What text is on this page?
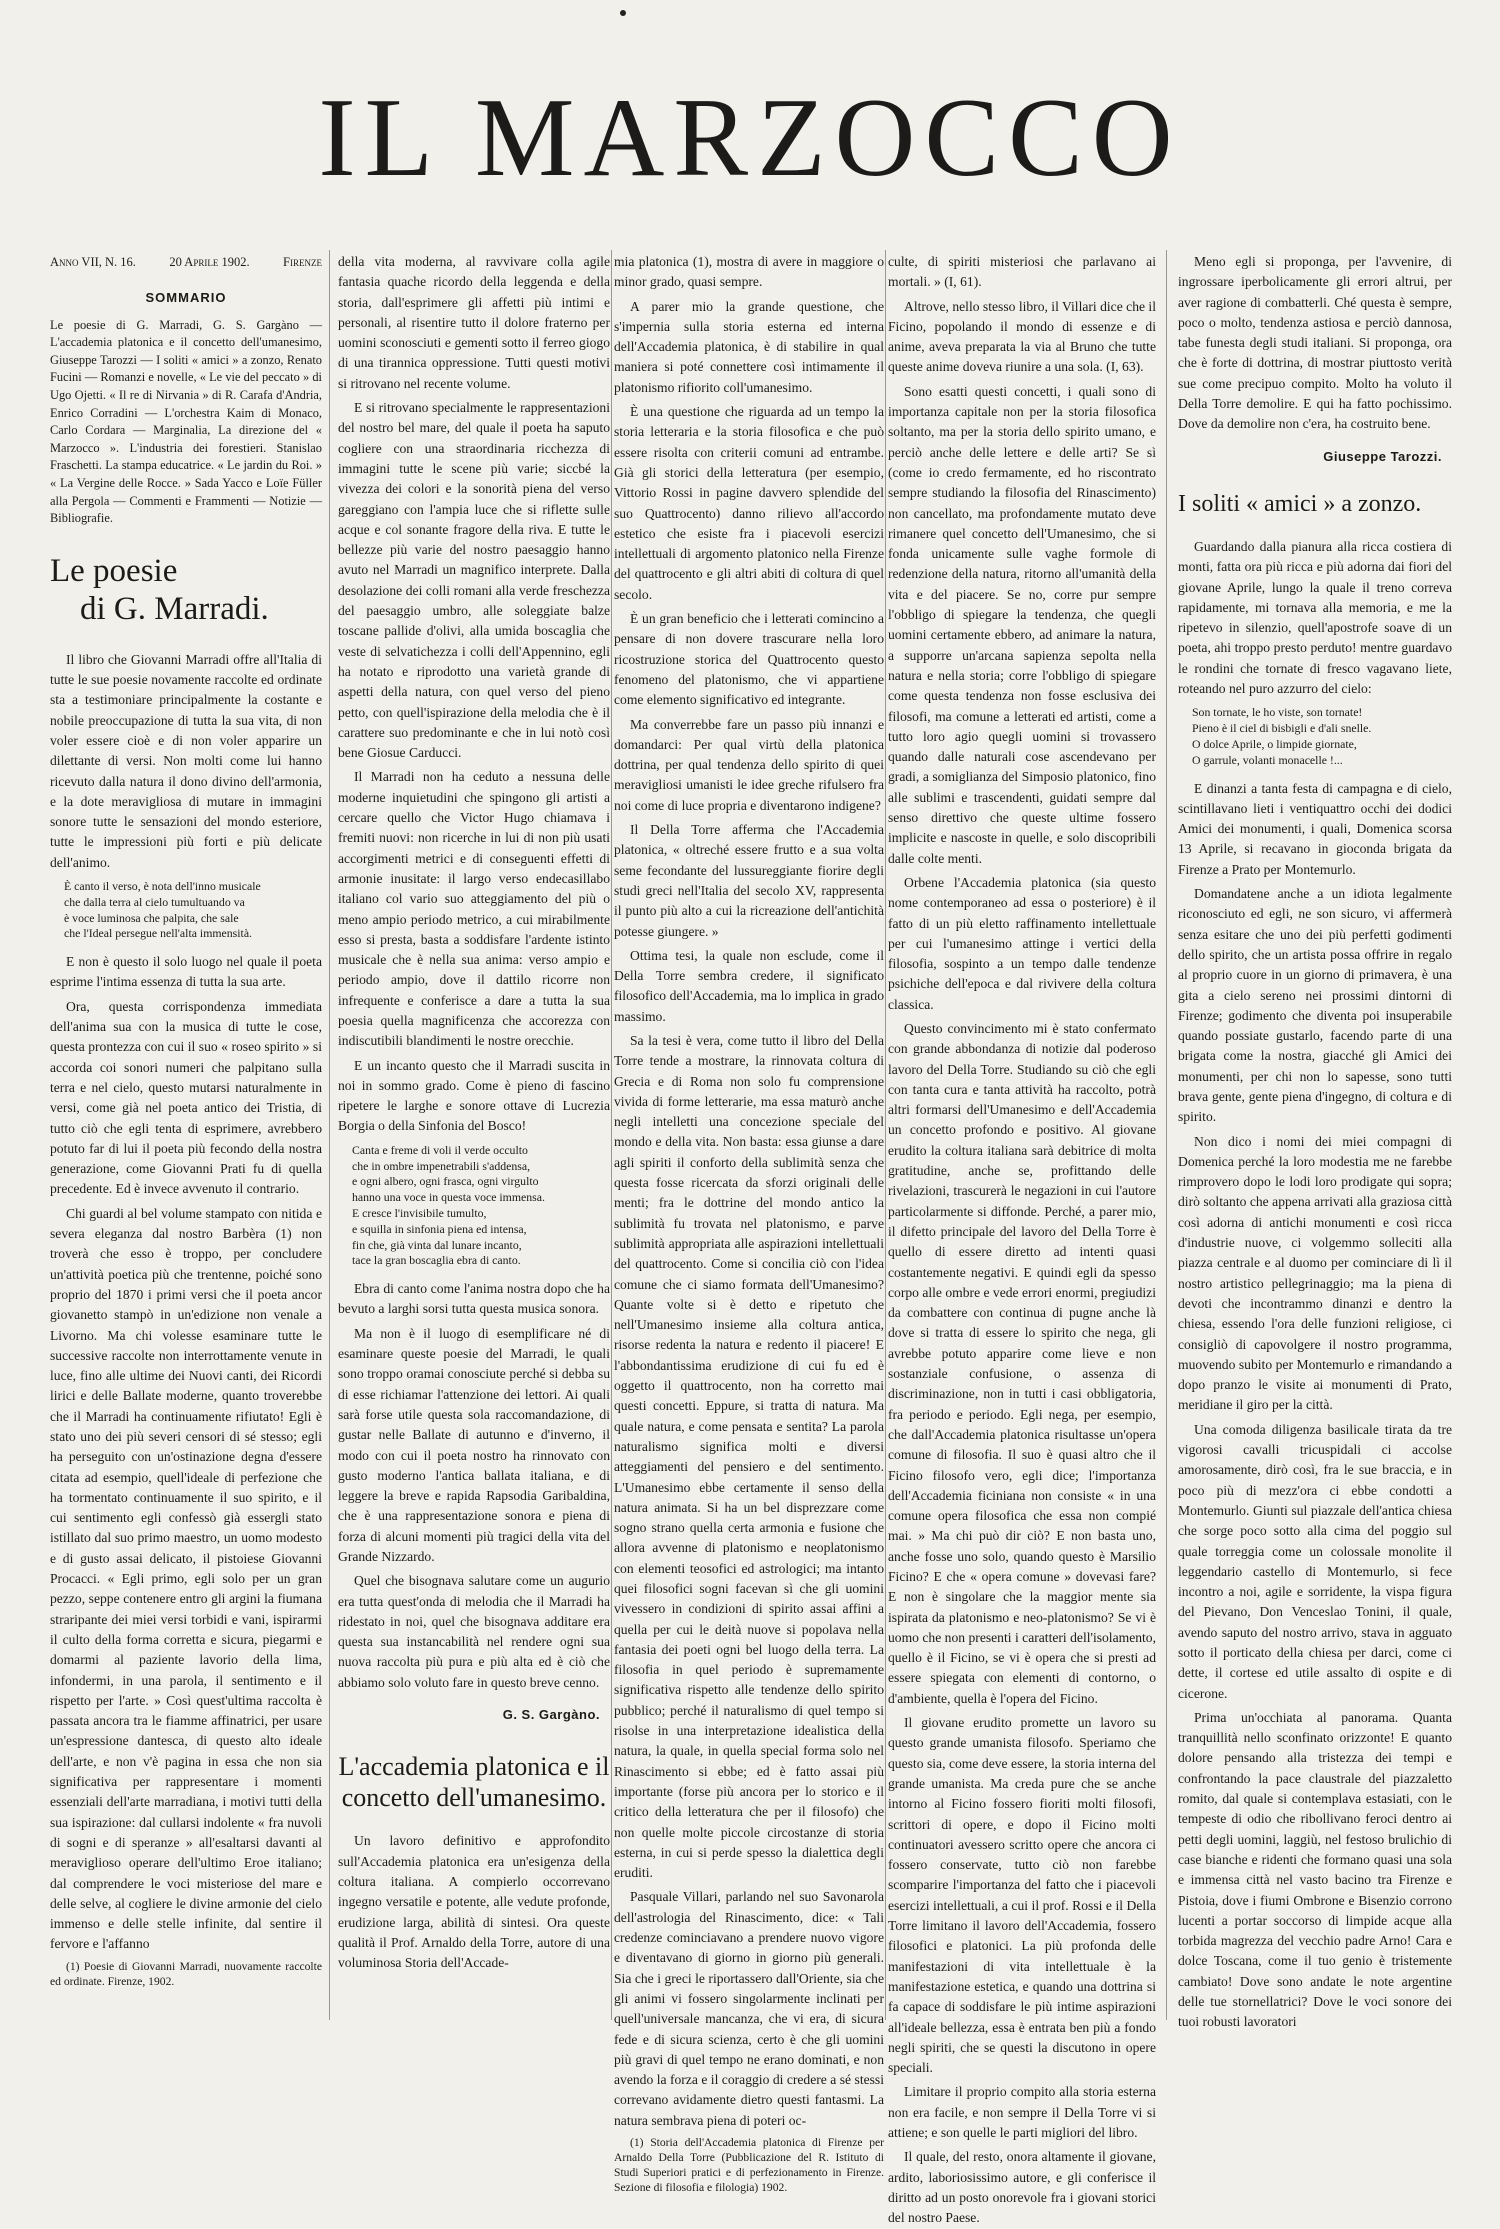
IL MARZOCCO
Anno VII, N. 16.	20 Aprile 1902.	Firenze
SOMMARIO

Le poesie di G. Marradi, G. S. Gargàno — L'accademia platonica e il concetto dell'umanesimo, Giuseppe Tarozzi — I soliti « amici » a zonzo, Renato Fucini — Romanzi e novelle, « Le vie del peccato » di Ugo Ojetti. « Il re di Nirvania » di R. Carafa d'Andria, Enrico Corradini — L'orchestra Kaim di Monaco, Carlo Cordara — Marginalia, La direzione del « Marzocco ». L'industria dei forestieri. Stanislao Fraschetti. La stampa educatrice. « Le jardin du Roi. » « La Vergine delle Rocce. » Sada Yacco e Loïe Füller alla Pergola — Commenti e Frammenti — Notizie — Bibliografie.

Le poesie
di G. Marradi.

Il libro che Giovanni Marradi offre all'Italia di tutte le sue poesie novamente raccolte ed ordinate sta a testimoniare principalmente la costante e nobile preoccupazione di tutta la sua vita, di non voler essere cioè e di non voler apparire un dilettante di versi. Non molti come lui hanno ricevuto dalla natura il dono divino dell'armonia, e la dote meravigliosa di mutare in immagini sonore tutte le sensazioni del mondo esteriore, tutte le impressioni più forti e più delicate dell'animo.

È canto il verso, è nota dell'inno musicale
che dalla terra al cielo tumultuando va
è voce luminosa che palpita, che sale
che l'Ideal persegue nell'alta immensità.

E non è questo il solo luogo nel quale il poeta esprime l'intima essenza di tutta la sua arte.

Ora, questa corrispondenza immediata dell'anima sua con la musica di tutte le cose, questa prontezza con cui il suo « roseo spirito » si accorda coi sonori numeri che palpitano sulla terra e nel cielo, questo mutarsi naturalmente in versi, come già nel poeta antico dei Tristia, di tutto ciò che egli tenta di esprimere, avrebbero potuto far di lui il poeta più fecondo della nostra generazione, come Giovanni Prati fu di quella precedente. Ed è invece avvenuto il contrario.

Chi guardi al bel volume stampato con nitida e severa eleganza dal nostro Barbèra (1) non troverà che esso è troppo, per concludere un'attività poetica più che trentenne, poiché sono proprio del 1870 i primi versi che il poeta ancor giovanetto stampò in un'edizione non venale a Livorno. Ma chi volesse esaminare tutte le successive raccolte non interrottamente venute in luce, fino alle ultime dei Nuovi canti, dei Ricordi lirici e delle Ballate moderne, quanto troverebbe che il Marradi ha continuamente rifiutato! Egli è stato uno dei più severi censori di sé stesso; egli ha perseguito con un'ostinazione degna d'essere citata ad esempio, quell'ideale di perfezione che ha tormentato continuamente il suo spirito, e il cui sentimento egli confessò già essergli stato istillato dal suo primo maestro, un uomo modesto e di gusto assai delicato, il pistoiese Giovanni Procacci. « Egli primo, egli solo per un gran pezzo, seppe contenere entro gli argini la fiumana straripante dei miei versi torbidi e vani, ispirarmi il culto della forma corretta e sicura, piegarmi e domarmi al paziente lavorio della lima, infondermi, in una parola, il sentimento e il rispetto per l'arte. » Così quest'ultima raccolta è passata ancora tra le fiamme affinatrici, per usare un'espressione dantesca, di questo alto ideale dell'arte, e non v'è pagina in essa che non sia significativa per rappresentare i momenti essenziali dell'arte marradiana, i motivi tutti della sua ispirazione: dal cullarsi indolente « fra nuvoli di sogni e di speranze » all'esaltarsi davanti al meraviglioso operare dell'ultimo Eroe italiano; dal comprendere le voci misteriose del mare e delle selve, al cogliere le divine armonie del cielo immenso e delle stelle infinite, dal sentire il fervore e l'affanno

(1) Poesie di Giovanni Marradi, nuovamente raccolte ed ordinate. Firenze, 1902.

della vita moderna, al ravvivare colla agile fantasia quache ricordo della leggenda e della storia, dall'esprimere gli affetti più intimi e personali, al risentire tutto il dolore fraterno per uomini sconosciuti e gementi sotto il ferreo giogo di una tirannica oppressione. Tutti questi motivi si ritrovano nel recente volume.

E si ritrovano specialmente le rappresentazioni del nostro bel mare, del quale il poeta ha saputo cogliere con una straordinaria ricchezza di immagini tutte le scene più varie; siccbé la vivezza dei colori e la sonorità piena del verso gareggiano con l'ampia luce che si riflette sulle acque e col sonante fragore della riva. E tutte le bellezze più varie del nostro paesaggio hanno avuto nel Marradi un magnifico interprete. Dalla desolazione dei colli romani alla verde freschezza del paesaggio umbro, alle soleggiate balze toscane pallide d'olivi, alla umida boscaglia che veste di selvatichezza i colli dell'Appennino, egli ha notato e riprodotto una varietà grande di aspetti della natura, con quel verso del pieno petto, con quell'ispirazione della melodia che è il carattere suo predominante e che in lui notò così bene Giosue Carducci.

Il Marradi non ha ceduto a nessuna delle moderne inquietudini che spingono gli artisti a cercare quello che Victor Hugo chiamava i fremiti nuovi: non ricerche in lui di non più usati accorgimenti metrici e di conseguenti effetti di armonie inusitate: il largo verso endecasillabo italiano col vario suo atteggiamento del più o meno ampio periodo metrico, a cui mirabilmente esso si presta, basta a soddisfare l'ardente istinto musicale che è nella sua anima: verso ampio e periodo ampio, dove il dattilo ricorre non infrequente e conferisce a dare a tutta la sua poesia quella magnificenza che accorezza con indiscutibili blandimenti le nostre orecchie.

E un incanto questo che il Marradi suscita in noi in sommo grado. Come è pieno di fascino ripetere le larghe e sonore ottave di Lucrezia Borgia o della Sinfonia del Bosco!

Canta e freme di voli il verde occulto
che in ombre impenetrabili s'addensa,
e ogni albero, ogni frasca, ogni virgulto
hanno una voce in questa voce immensa.
E cresce l'invisibile tumulto,
e squilla in sinfonia piena ed intensa,
fin che, già vinta dal lunare incanto,
tace la gran boscaglia ebra di canto.

Ebra di canto come l'anima nostra dopo che ha bevuto a larghi sorsi tutta questa musica sonora.

Ma non è il luogo di esemplificare né di esaminare queste poesie del Marradi, le quali sono troppo oramai conosciute perché si debba su di esse richiamar l'attenzione dei lettori. Ai quali sarà forse utile questa sola raccomandazione, di gustar nelle Ballate di autunno e d'inverno, il modo con cui il poeta nostro ha rinnovato con gusto moderno l'antica ballata italiana, e di leggere la breve e rapida Rapsodia Garibaldina, che è una rappresentazione sonora e piena di forza di alcuni momenti più tragici della vita del Grande Nizzardo.

Quel che bisognava salutare come un augurio era tutta quest'onda di melodia che il Marradi ha ridestato in noi, quel che bisognava additare era questa sua instancabilità nel rendere ogni sua nuova raccolta più pura e più alta ed è ciò che abbiamo solo voluto fare in questo breve cenno.

G. S. Gargàno.
L'accademia platonica e il concetto dell'umanesimo.

Un lavoro definitivo e approfondito sull'Accademia platonica era un'esigenza della coltura italiana. A compierlo occorrevano ingegno versatile e potente, alle vedute profonde, erudizione larga, abilità di sintesi. Ora queste qualità il Prof. Arnaldo della Torre, autore di una voluminosa Storia dell'Accade-

mia platonica (1), mostra di avere in maggiore o minor grado, quasi sempre.

A parer mio la grande questione, che s'impernia sulla storia esterna ed interna dell'Accademia platonica, è di stabilire in qual maniera si poté connettere così intimamente il platonismo rifiorito coll'umanesimo.

È una questione che riguarda ad un tempo la storia letteraria e la storia filosofica e che può essere risolta con criterii comuni ad entrambe. Già gli storici della letteratura (per esempio, Vittorio Rossi in pagine davvero splendide del suo Quattrocento) danno rilievo all'accordo estetico che esiste fra i piacevoli esercizi intellettuali di argomento platonico nella Firenze del quattrocento e gli altri abiti di coltura di quel secolo.

È un gran beneficio che i letterati comincino a pensare di non dovere trascurare nella loro ricostruzione storica del Quattrocento questo fenomeno del platonismo, che vi appartiene come elemento significativo ed integrante.

Ma converrebbe fare un passo più innanzi e domandarci: Per qual virtù della platonica dottrina, per qual tendenza dello spirito di quei meravigliosi umanisti le idee greche rifulsero fra noi come di luce propria e diventarono indigene?

Il Della Torre afferma che l'Accademia platonica, « oltreché essere frutto e a sua volta seme fecondante del lussureggiante fiorire degli studi greci nell'Italia del secolo XV, rappresenta il punto più alto a cui la ricreazione dell'antichità potesse giungere. »

Ottima tesi, la quale non esclude, come il Della Torre sembra credere, il significato filosofico dell'Accademia, ma lo implica in grado massimo.

Sa la tesi è vera, come tutto il libro del Della Torre tende a mostrare, la rinnovata coltura di Grecia e di Roma non solo fu comprensione vivida di forme letterarie, ma essa maturò anche negli intelletti una concezione speciale del mondo e della vita. Non basta: essa giunse a dare agli spiriti il conforto della sublimità senza che questa fosse ricercata da sforzi originali delle menti; fra le dottrine del mondo antico la sublimità fu trovata nel platonismo, e parve sublimità appropriata alle aspirazioni intellettuali del quattrocento. Come si concilia ciò con l'idea comune che ci siamo formata dell'Umanesimo? Quante volte si è detto e ripetuto che nell'Umanesimo insieme alla coltura antica, risorse redenta la natura e redento il piacere! E l'abbondantissima erudizione di cui fu ed è oggetto il quattrocento, non ha corretto mai questi concetti. Eppure, si tratta di natura. Ma quale natura, e come pensata e sentita? La parola naturalismo significa molti e diversi atteggiamenti del pensiero e del sentimento. L'Umanesimo ebbe certamente il senso della natura animata. Si ha un bel disprezzare come sogno strano quella certa armonia e fusione che allora avvenne di platonismo e neoplatonismo con elementi teosofici ed astrologici; ma intanto quei filosofici sogni facevan sì che gli uomini vivessero in condizioni di spirito assai affini a quella per cui le deità nuove si popolava nella fantasia dei poeti ogni bel luogo della terra. La filosofia in quel periodo è supremamente significativa rispetto alle tendenze dello spirito pubblico; perché il naturalismo di quel tempo si risolse in una interpretazione idealistica della natura, la quale, in quella special forma solo nel Rinascimento si ebbe; ed è fatto assai più importante (forse più ancora per lo storico e il critico della letteratura che per il filosofo) che non quelle molte piccole circostanze di storia esterna, in cui si perde spesso la dialettica degli eruditi.

Pasquale Villari, parlando nel suo Savonarola dell'astrologia del Rinascimento, dice: « Tali credenze cominciavano a prendere nuovo vigore e diventavano di giorno in giorno più generali. Sia che i greci le riportassero dall'Oriente, sia che gli animi vi fossero singolarmente inclinati per quell'universale mancanza, che vi era, di sicura fede e di sicura scienza, certo è che gli uomini più gravi di quel tempo ne erano dominati, e non avendo la forza e il coraggio di credere a sé stessi correvano avidamente dietro questi fantasmi. La natura sembrava piena di poteri oc-

(1) Storia dell'Accademia platonica di Firenze per Arnaldo Della Torre (Pubblicazione del R. Istituto di Studi Superiori pratici e di perfezionamento in Firenze. Sezione di filosofia e filologia) 1902.

culte, di spiriti misteriosi che parlavano ai mortali. » (I, 61).

Altrove, nello stesso libro, il Villari dice che il Ficino, popolando il mondo di essenze e di anime, aveva preparata la via al Bruno che tutte queste anime doveva riunire a una sola. (I, 63).

Sono esatti questi concetti, i quali sono di importanza capitale non per la storia filosofica soltanto, ma per la storia dello spirito umano, e perciò anche delle lettere e delle arti? Se sì (come io credo fermamente, ed ho riscontrato sempre studiando la filosofia del Rinascimento) non cancellato, ma profondamente mutato deve rimanere quel concetto dell'Umanesimo, che si fonda unicamente sulle vaghe formole di redenzione della natura, ritorno all'umanità della vita e del piacere. Se no, corre pur sempre l'obbligo di spiegare la tendenza, che quegli uomini certamente ebbero, ad animare la natura, a supporre un'arcana sapienza sepolta nella natura e nella storia; corre l'obbligo di spiegare come questa tendenza non fosse esclusiva dei filosofi, ma comune a letterati ed artisti, come a tutto loro agio quegli uomini si trovassero quando dalle naturali cose ascendevano per gradi, a somiglianza del Simposio platonico, fino alle sublimi e trascendenti, guidati sempre dal senso direttivo che queste ultime fossero implicite e nascoste in quelle, e solo discopribili dalle colte menti.

Orbene l'Accademia platonica (sia questo nome contemporaneo ad essa o posteriore) è il fatto di un più eletto raffinamento intellettuale per cui l'umanesimo attinge i vertici della filosofia, sospinto a un tempo dalle tendenze psichiche dell'epoca e dal rivivere della coltura classica.

Questo convincimento mi è stato confermato con grande abbondanza di notizie dal poderoso lavoro del Della Torre. Studiando su ciò che egli con tanta cura e tanta attività ha raccolto, potrà altri formarsi dell'Umanesimo e dell'Accademia un concetto profondo e positivo. Al giovane erudito la coltura italiana sarà debitrice di molta gratitudine, anche se, profittando delle rivelazioni, trascurerà le negazioni in cui l'autore particolarmente si diffonde. Perché, a parer mio, il difetto principale del lavoro del Della Torre è quello di essere diretto ad intenti quasi costantemente negativi. E quindi egli da spesso corpo alle ombre e vede errori enormi, pregiudizi da combattere con continua di pugne anche là dove si tratta di essere lo spirito che nega, gli avrebbe potuto apparire come lieve e non sostanziale confusione, o assenza di discriminazione, non in tutti i casi obbligatoria, fra periodo e periodo. Egli nega, per esempio, che dall'Accademia platonica risultasse un'opera comune di filosofia. Il suo è quasi altro che il Ficino filosofo vero, egli dice; l'importanza dell'Accademia ficiniana non consiste « in una comune opera filosofica che essa non compié mai. » Ma chi può dir ciò? E non basta uno, anche fosse uno solo, quando questo è Marsilio Ficino? E che « opera comune » dovevasi fare? E non è singolare che la maggior mente sia ispirata da platonismo e neo-platonismo? Se vi è uomo che non presenti i caratteri dell'isolamento, quello è il Ficino, se vi è opera che si presti ad essere spiegata con elementi di contorno, o d'ambiente, quella è l'opera del Ficino.

Il giovane erudito promette un lavoro su questo grande umanista filosofo. Speriamo che questo sia, come deve essere, la storia interna del grande umanista. Ma creda pure che se anche intorno al Ficino fossero fioriti molti filosofi, scrittori di opere, e dopo il Ficino molti continuatori avessero scritto opere che ancora ci fossero conservate, tutto ciò non farebbe scomparire l'importanza del fatto che i piacevoli esercizi intellettuali, a cui il prof. Rossi e il Della Torre limitano il lavoro dell'Accademia, fossero filosofici e platonici. La più profonda delle manifestazioni di vita intellettuale è la manifestazione estetica, e quando una dottrina si fa capace di soddisfare le più intime aspirazioni all'ideale bellezza, essa è entrata ben più a fondo negli spiriti, che se questi la discutono in opere speciali.

Limitare il proprio compito alla storia esterna non era facile, e non sempre il Della Torre vi si attiene; e son quelle le parti migliori del libro.

Il quale, del resto, onora altamente il giovane, ardito, laboriosissimo autore, e gli conferisce il diritto ad un posto onorevole fra i giovani storici del nostro Paese.

Meno egli si proponga, per l'avvenire, di ingrossare iperbolicamente gli errori altrui, per aver ragione di combatterli. Ché questa è sempre, poco o molto, tendenza astiosa e perciò dannosa, tabe funesta degli studi italiani. Si proponga, ora che è forte di dottrina, di mostrar piuttosto verità sue come precipuo compito. Molto ha voluto il Della Torre demolire. E qui ha fatto pochissimo. Dove da demolire non c'era, ha costruito bene.

Giuseppe Tarozzi.
I soliti « amici » a zonzo.

Guardando dalla pianura alla ricca costiera di monti, fatta ora più ricca e più adorna dai fiori del giovane Aprile, lungo la quale il treno correva rapidamente, mi tornava alla memoria, e me la ripetevo in silenzio, quell'apostrofe soave di un poeta, ahi troppo presto perduto! mentre guardavo le rondini che tornate di fresco vagavano liete, roteando nel puro azzurro del cielo:

Son tornate, le ho viste, son tornate!
Pieno è il ciel di bisbigli e d'ali snelle.
O dolce Aprile, o limpide giornate,
O garrule, volanti monacelle !...

E dinanzi a tanta festa di campagna e di cielo, scintillavano lieti i ventiquattro occhi dei dodici Amici dei monumenti, i quali, Domenica scorsa 13 Aprile, si recavano in gioconda brigata da Firenze a Prato per Montemurlo.

Domandatene anche a un idiota legalmente riconosciuto ed egli, ne son sicuro, vi affermerà senza esitare che uno dei più perfetti godimenti dello spirito, che un artista possa offrire in regalo al proprio cuore in un giorno di primavera, è una gita a cielo sereno nei prossimi dintorni di Firenze; godimento che diventa poi insuperabile quando possiate gustarlo, facendo parte di una brigata come la nostra, giacché gli Amici dei monumenti, per chi non lo sapesse, sono tutti brava gente, gente piena d'ingegno, di coltura e di spirito.

Non dico i nomi dei miei compagni di Domenica perché la loro modestia me ne farebbe rimprovero dopo le lodi loro prodigate qui sopra; dirò soltanto che appena arrivati alla graziosa città così adorna di antichi monumenti e così ricca d'industrie nuove, ci volgemmo solleciti alla piazza centrale e al duomo per cominciare di lì il nostro artistico pellegrinaggio; ma la piena di devoti che incontrammo dinanzi e dentro la chiesa, essendo l'ora delle funzioni religiose, ci consigliò di capovolgere il nostro programma, muovendo subito per Montemurlo e rimandando a dopo pranzo le visite ai monumenti di Prato, meridiane il giro per la città.

Una comoda diligenza basilicale tirata da tre vigorosi cavalli tricuspidali ci accolse amorosamente, dirò così, fra le sue braccia, e in poco più di mezz'ora ci ebbe condotti a Montemurlo. Giunti sul piazzale dell'antica chiesa che sorge poco sotto alla cima del poggio sul quale torreggia come un colossale monolite il leggendario castello di Montemurlo, si fece incontro a noi, agile e sorridente, la vispa figura del Pievano, Don Venceslao Tonini, il quale, avendo saputo del nostro arrivo, stava in agguato sotto il porticato della chiesa per darci, come ci dette, il cortese ed utile assalto di ospite e di cicerone.

Prima un'occhiata al panorama. Quanta tranquillità nello sconfinato orizzonte! E quanto dolore pensando alla tristezza dei tempi e confrontando la pace claustrale del piazzaletto romito, dal quale si contemplava estasiati, con le tempeste di odio che ribollivano feroci dentro ai petti degli uomini, laggiù, nel festoso brulichio di case bianche e ridenti che formano quasi una sola e immensa città nel vasto bacino tra Firenze e Pistoia, dove i fiumi Ombrone e Bisenzio corrono lucenti a portar soccorso di limpide acque alla torbida magrezza del vecchio padre Arno! Cara e dolce Toscana, come il tuo genio è tristemente cambiato! Dove sono andate le note argentine delle tue stornellatrici? Dove le voci sonore dei tuoi robusti lavoratori
